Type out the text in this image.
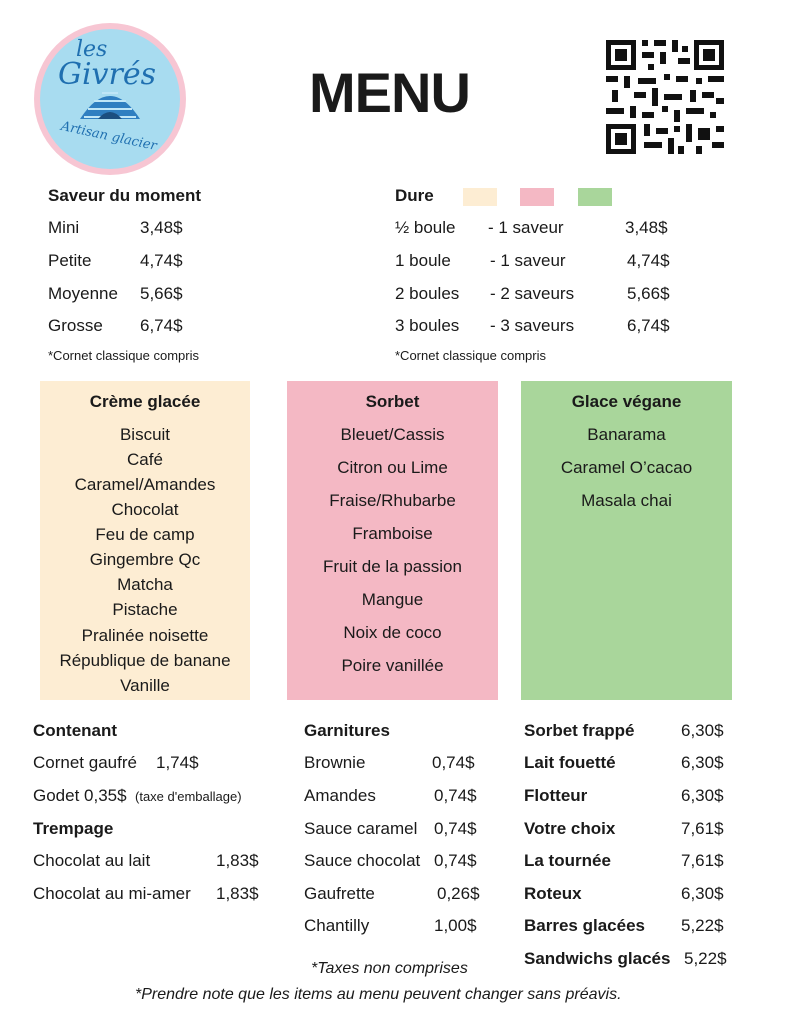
les
Givrés
Artisan glacier
MENU
Saveur du moment
Mini	3,48$
Petite	4,74$
Moyenne 5,66$
Grosse 6,74$
*Cornet classique compris
Dure
½ boule - 1 saveur	3,48$
1 boule - 1 saveur	4,74$
2 boules - 2 saveurs	5,66$
3 boules - 3 saveurs	6,74$
*Cornet classique compris
Crème glacée
Biscuit
Café
Caramel/Amandes
Chocolat
Feu de camp
Gingembre Qc
Matcha
Pistache
Pralinée noisette
République de banane
Vanille
Sorbet
Bleuet/Cassis
Citron ou Lime
Fraise/Rhubarbe
Framboise
Fruit de la passion
Mangue
Noix de coco
Poire vanillée
Glace végane
Banarama
Caramel O’cacao
Masala chai
Contenant
Cornet gaufré 1,74$
Godet 0,35$ (taxe d'emballage)
Trempage
Chocolat au lait	1,83$
Chocolat au mi-amer 1,83$
Garnitures
Brownie	0,74$
Amandes	0,74$
Sauce caramel 0,74$
Sauce chocolat 0,74$
Gaufrette	0,26$
Chantilly	1,00$
Sorbet frappé	6,30$
Lait fouetté	6,30$
Flotteur	6,30$
Votre choix	7,61$
La tournée	7,61$
Roteux	6,30$
Barres glacées 5,22$
Sandwichs glacés 5,22$
*Taxes non comprises
*Prendre note que les items au menu peuvent changer sans préavis.
